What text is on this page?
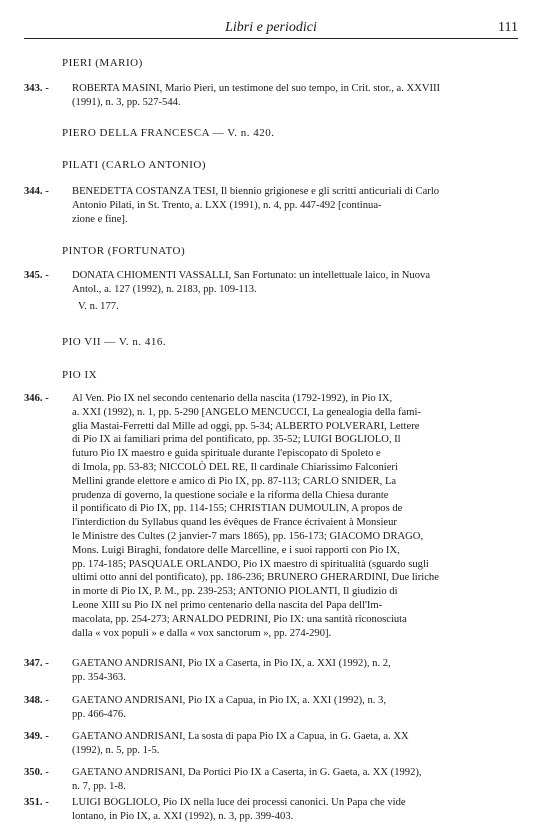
Libri e periodici	111
PIERI (MARIO)
343. - ROBERTA MASINI, Mario Pieri, un testimone del suo tempo, in Crit. stor., a. XXVIII
(1991), n. 3, pp. 527-544.
PIERO DELLA FRANCESCA — V. n. 420.
PILATI (CARLO ANTONIO)
344. - BENEDETTA COSTANZA TESI, Il biennio grigionese e gli scritti anticuriali di Carlo
Antonio Pilati, in St. Trento, a. LXX (1991), n. 4, pp. 447-492 [continua-
zione e fine].
PINTOR (FORTUNATO)
345. - DONATA CHIOMENTI VASSALLI, San Fortunato: un intellettuale laico, in Nuova
Antol., a. 127 (1992), n. 2183, pp. 109-113.
V. n. 177.
PIO VII — V. n. 416.
PIO IX
346. - Al Ven. Pio IX nel secondo centenario della nascita (1792-1992), in Pio IX,
a. XXI (1992), n. 1, pp. 5-290 [ANGELO MENCUCCI, La genealogia della fami-
glia Mastai-Ferretti dal Mille ad oggi, pp. 5-34; ALBERTO POLVERARI, Lettere
di Pio IX ai familiari prima del pontificato, pp. 35-52; LUIGI BOGLIOLO, Il
futuro Pio IX maestro e guida spirituale durante l'episcopato di Spoleto e
di Imola, pp. 53-83; NICCOLÒ DEL RE, Il cardinale Chiarissimo Falconieri
Mellini grande elettore e amico di Pio IX, pp. 87-113; CARLO SNIDER, La
prudenza di governo, la questione sociale e la riforma della Chiesa durante
il pontificato di Pio IX, pp. 114-155; CHRISTIAN DUMOULIN, A propos de
l'interdiction du Syllabus quand les évêques de France écrivaient à Monsieur
le Ministre des Cultes (2 janvier-7 mars 1865), pp. 156-173; GIACOMO DRAGO,
Mons. Luigi Biraghi, fondatore delle Marcelline, e i suoi rapporti con Pio IX,
pp. 174-185; PASQUALE ORLANDO, Pio IX maestro di spiritualità (sguardo sugli
ultimi otto anni del pontificato), pp. 186-236; BRUNERO GHERARDINI, Due liriche
in morte di Pio IX, P. M., pp. 239-253; ANTONIO PIOLANTI, Il giudizio di
Leone XIII su Pio IX nel primo centenario della nascita del Papa dell'Im-
macolata, pp. 254-273; ARNALDO PEDRINI, Pio IX: una santità riconosciuta
dalla « vox populi » e dalla « vox sanctorum », pp. 274-290].
347. - GAETANO ANDRISANI, Pio IX a Caserta, in Pio IX, a. XXI (1992), n. 2,
pp. 354-363.
348. - GAETANO ANDRISANI, Pio IX a Capua, in Pio IX, a. XXI (1992), n. 3,
pp. 466-476.
349. - GAETANO ANDRISANI, La sosta di papa Pio IX a Capua, in G. Gaeta, a. XX
(1992), n. 5, pp. 1-5.
350. - GAETANO ANDRISANI, Da Portici Pio IX a Caserta, in G. Gaeta, a. XX (1992),
n. 7, pp. 1-8.
351. - LUIGI BOGLIOLO, Pio IX nella luce dei processi canonici. Un Papa che vide
lontano, in Pio IX, a. XXI (1992), n. 3, pp. 399-403.
